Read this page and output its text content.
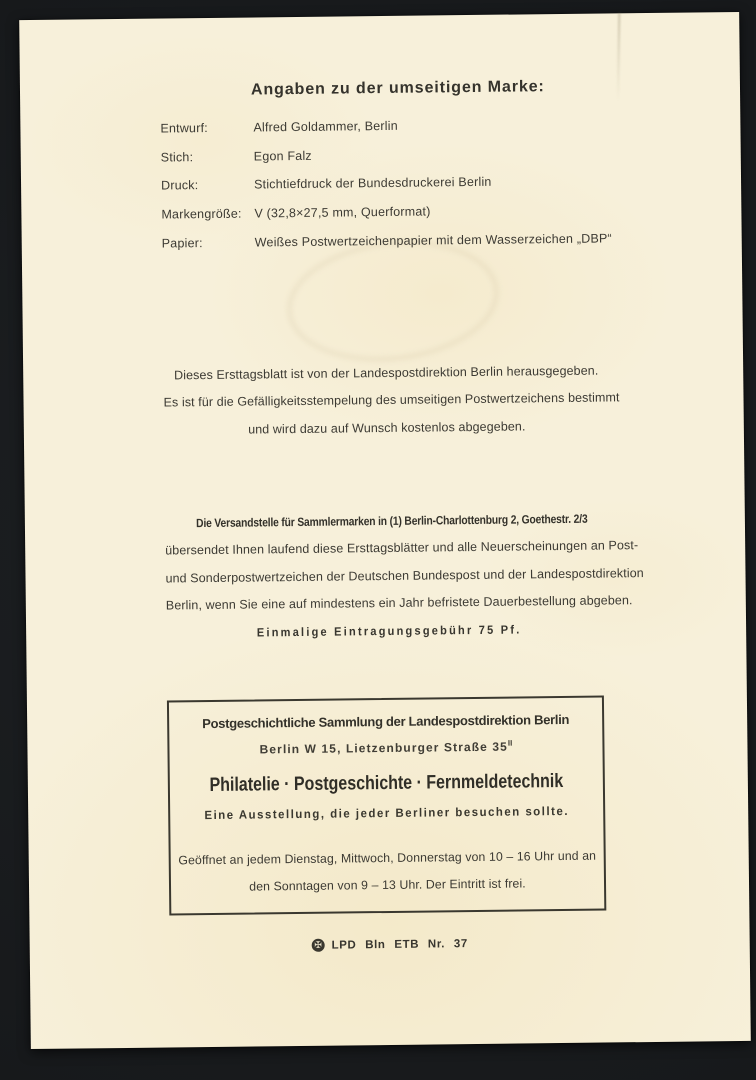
Angaben zu der umseitigen Marke:
Entwurf:	Alfred Goldammer, Berlin
Stich:	Egon Falz
Druck:	Stichtiefdruck der Bundesdruckerei Berlin
Markengröße:	V (32,8×27,5 mm, Querformat)
Papier:	Weißes Postwertzeichenpapier mit dem Wasserzeichen „DBP“
Dieses Ersttagsblatt ist von der Landespostdirektion Berlin herausgegeben.
Es ist für die Gefälligkeitsstempelung des umseitigen Postwertzeichens bestimmt
und wird dazu auf Wunsch kostenlos abgegeben.
Die Versandstelle für Sammlermarken in (1) Berlin-Charlottenburg 2, Goethestr. 2/3
übersendet Ihnen laufend diese Ersttagsblätter und alle Neuerscheinungen an Post-
und Sonderpostwertzeichen der Deutschen Bundespost und der Landespostdirektion
Berlin, wenn Sie eine auf mindestens ein Jahr befristete Dauerbestellung abgeben.
Einmalige Eintragungsgebühr 75 Pf.
Postgeschichtliche Sammlung der Landespostdirektion Berlin
Berlin W 15, Lietzenburger Straße $35^{II}$
Philatelie · Postgeschichte · Fernmeldetechnik
Eine Ausstellung, die jeder Berliner besuchen sollte.
Geöffnet an jedem Dienstag, Mittwoch, Donnerstag von 10 – 16 Uhr und an
den Sonntagen von 9 – 13 Uhr. Der Eintritt ist frei.
✠ LPD Bln ETB Nr. 37
